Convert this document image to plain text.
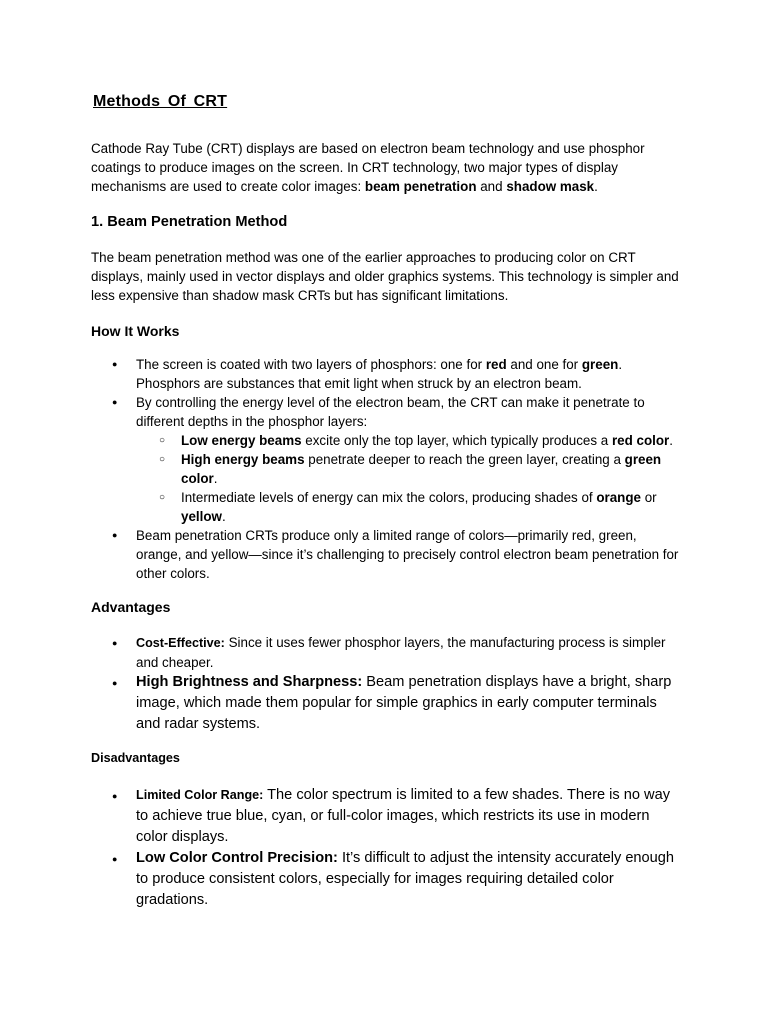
Methods Of CRT

Cathode Ray Tube (CRT) displays are based on electron beam technology and use phosphor coatings to produce images on the screen. In CRT technology, two major types of display mechanisms are used to create color images: beam penetration and shadow mask.

1. Beam Penetration Method

The beam penetration method was one of the earlier approaches to producing color on CRT displays, mainly used in vector displays and older graphics systems. This technology is simpler and less expensive than shadow mask CRTs but has significant limitations.

How It Works
● The screen is coated with two layers of phosphors: one for red and one for green. Phosphors are substances that emit light when struck by an electron beam.
● By controlling the energy level of the electron beam, the CRT can make it penetrate to different depths in the phosphor layers:
○ Low energy beams excite only the top layer, which typically produces a red color.
○ High energy beams penetrate deeper to reach the green layer, creating a green color.
○ Intermediate levels of energy can mix the colors, producing shades of orange or yellow.
● Beam penetration CRTs produce only a limited range of colors—primarily red, green, orange, and yellow—since it’s challenging to precisely control electron beam penetration for other colors.
Advantages
● Cost-Effective: Since it uses fewer phosphor layers, the manufacturing process is simpler and cheaper.
● High Brightness and Sharpness: Beam penetration displays have a bright, sharp image, which made them popular for simple graphics in early computer terminals and radar systems.
Disadvantages
● Limited Color Range: The color spectrum is limited to a few shades. There is no way to achieve true blue, cyan, or full-color images, which restricts its use in modern color displays.
● Low Color Control Precision: It’s difficult to adjust the intensity accurately enough to produce consistent colors, especially for images requiring detailed color gradations.
